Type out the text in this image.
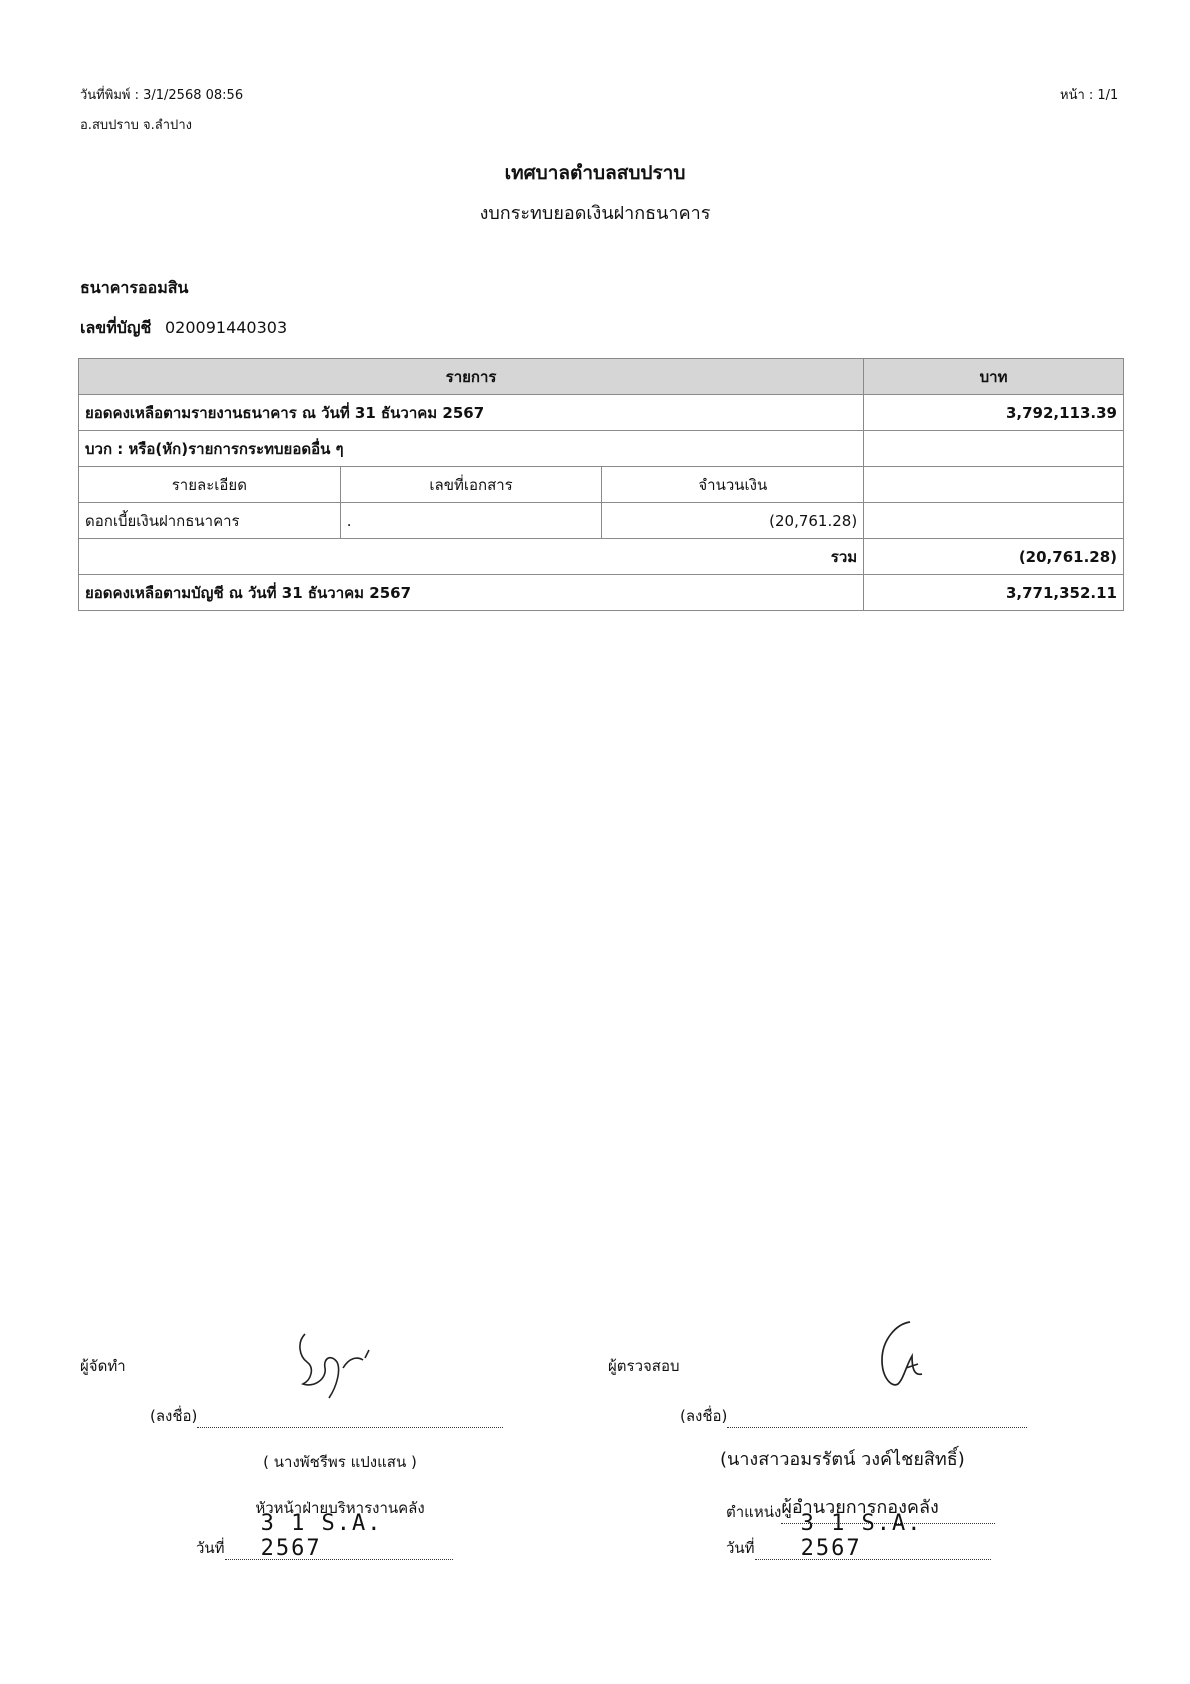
วันที่พิมพ์ : 3/1/2568 08:56	หน้า : 1/1
อ.สบปราบ จ.ลำปาง
เทศบาลตำบลสบปราบ
งบกระทบยอดเงินฝากธนาคาร
ธนาคารออมสิน
เลขที่บัญชี 020091440303
รายการ			บาท
ยอดคงเหลือตามรายงานธนาคาร ณ วันที่ 31 ธันวาคม 2567			3,792,113.39
บวก : หรือ(หัก)รายการกระทบยอดอื่น ๆ			
รายละเอียด	เลขที่เอกสาร	จำนวนเงิน	
ดอกเบี้ยเงินฝากธนาคาร	.	(20,761.28)	
รวม			(20,761.28)
ยอดคงเหลือตามบัญชี ณ วันที่ 31 ธันวาคม 2567			3,771,352.11
ผู้จัดทำ
(ลงชื่อ)
( นางพัชรีพร แปงแสน )
หัวหน้าฝ่ายบริหารงานคลัง
วันที่
3 1 S.A. 2567
ผู้ตรวจสอบ
(ลงชื่อ)
(นางสาวอมรรัตน์ วงค์ไชยสิทธิ์)
ตำแหน่ง ผู้อำนวยการกองคลัง
วันที่
3 1 S.A. 2567
